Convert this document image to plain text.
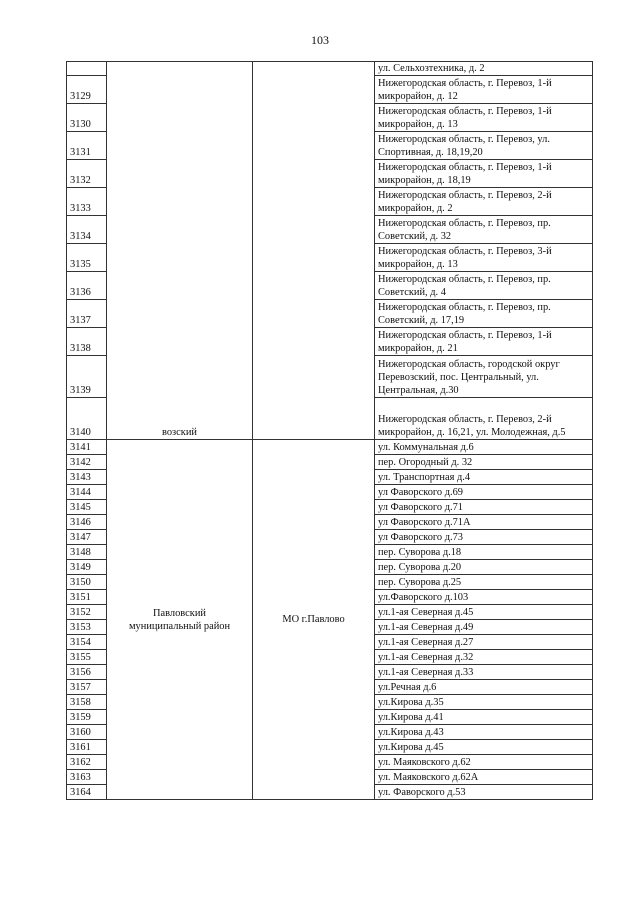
103
	возский		ул. Сельхозтехника, д. 2
3129			Нижегородская область, г. Перевоз, 1-й микрорайон, д. 12
3130			Нижегородская область, г. Перевоз, 1-й микрорайон, д. 13
3131			Нижегородская область, г. Перевоз, ул. Спортивная, д. 18,19,20
3132			Нижегородская область, г. Перевоз, 1-й микрорайон, д. 18,19
3133			Нижегородская область, г. Перевоз, 2-й микрорайон, д. 2
3134			Нижегородская область, г. Перевоз, пр. Советский, д. 32
3135			Нижегородская область, г. Перевоз, 3-й микрорайон, д. 13
3136			Нижегородская область, г. Перевоз, пр. Советский, д. 4
3137			Нижегородская область, г. Перевоз, пр. Советский, д. 17,19
3138			Нижегородская область, г. Перевоз, 1-й микрорайон, д. 21
3139			Нижегородская область, городской округ Перевозский, пос. Центральный, ул. Центральная, д.30
3140			Нижегородская область, г. Перевоз, 2-й микрорайон, д. 16,21, ул. Молодежная, д.5
3141	Павловский муниципальный район	МО г.Павлово	ул. Коммунальная д.6
3142			пер. Огородный д. 32
3143			ул. Транспортная д.4
3144			ул Фаворского д.69
3145			ул Фаворского д.71
3146			ул Фаворского д.71А
3147			ул Фаворского д.73
3148			пер. Суворова д.18
3149			пер. Суворова д.20
3150			пер. Суворова д.25
3151			ул.Фаворского д.103
3152			ул.1-ая Северная д.45
3153			ул.1-ая Северная д.49
3154			ул.1-ая Северная д.27
3155			ул.1-ая Северная д.32
3156			ул.1-ая Северная д.33
3157			ул.Речная д.6
3158			ул.Кирова д.35
3159			ул.Кирова д.41
3160			ул.Кирова д.43
3161			ул.Кирова д.45
3162			ул. Маяковского д.62
3163			ул. Маяковского д.62А
3164			ул. Фаворского д.53
